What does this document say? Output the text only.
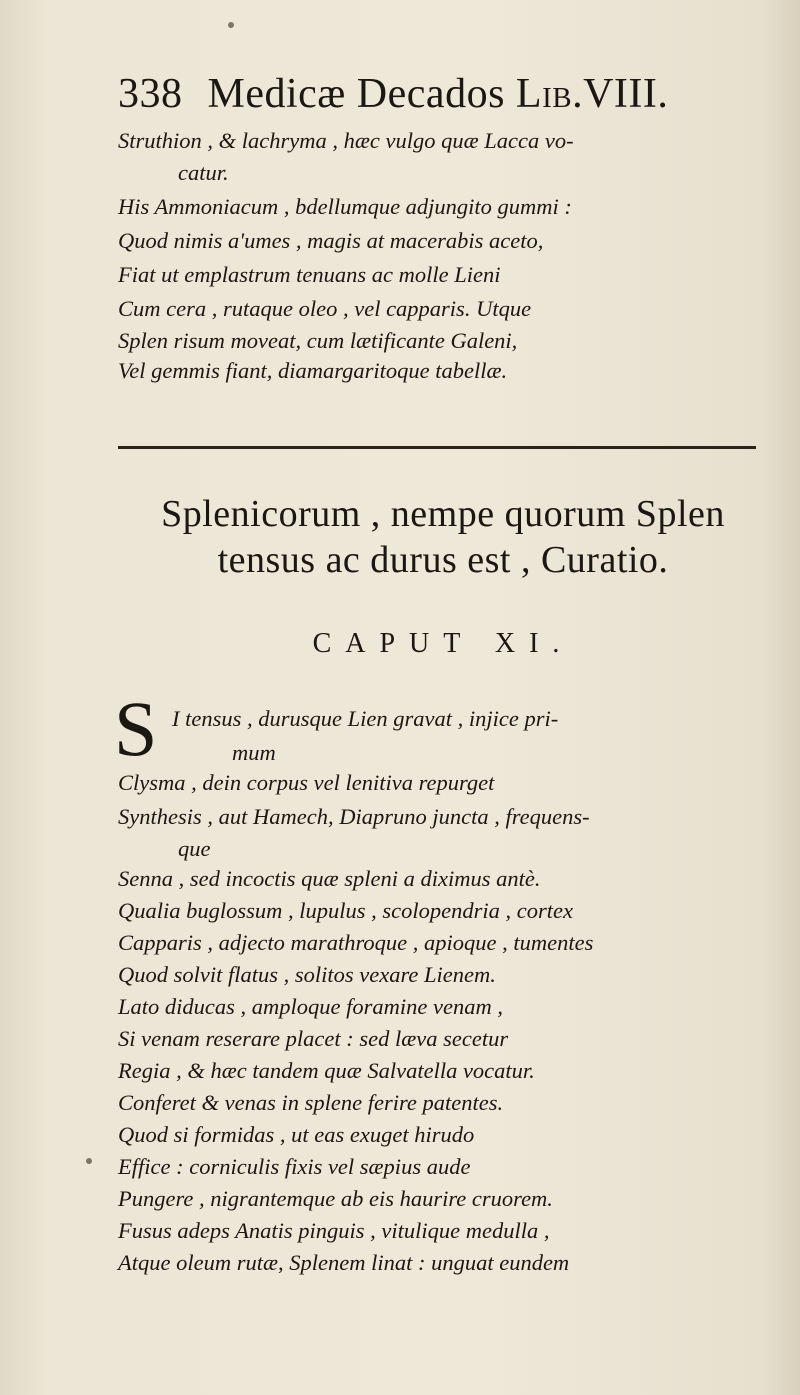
338 Medicæ Decados Lib.VIII.
Struthion , & lachryma , hæc vulgo quæ Lacca vo-
catur.
His Ammoniacum , bdellumque adjungito gummi :
Quod nimis a'umes , magis at macerabis aceto,
Fiat ut emplastrum tenuans ac molle Lieni
Cum cera , rutaque oleo , vel capparis. Utque
Splen risum moveat, cum lætificante Galeni,
Vel gemmis fiant, diamargaritoque tabellæ.
Splenicorum , nempe quorum Splen
tensus ac durus est , Curatio.
CAPUT XI.
S I tensus , durusque Lien gravat , injice pri-
mum
Clysma , dein corpus vel lenitiva repurget
Synthesis , aut Hamech, Diapruno juncta , frequens-
que
Senna , sed incoctis quæ spleni a diximus antè.
Qualia buglossum , lupulus , scolopendria , cortex
Capparis , adjecto marathroque , apioque , tumentes
Quod solvit flatus , solitos vexare Lienem.
Lato diducas , amploque foramine venam ,
Si venam reserare placet : sed læva secetur
Regia , & hæc tandem quæ Salvatella vocatur.
Conferet & venas in splene ferire patentes.
Quod si formidas , ut eas exuget hirudo
Effice : corniculis fixis vel sæpius aude
Pungere , nigrantemque ab eis haurire cruorem.
Fusus adeps Anatis pinguis , vitulique medulla ,
Atque oleum rutæ, Splenem linat : unguat eundem
